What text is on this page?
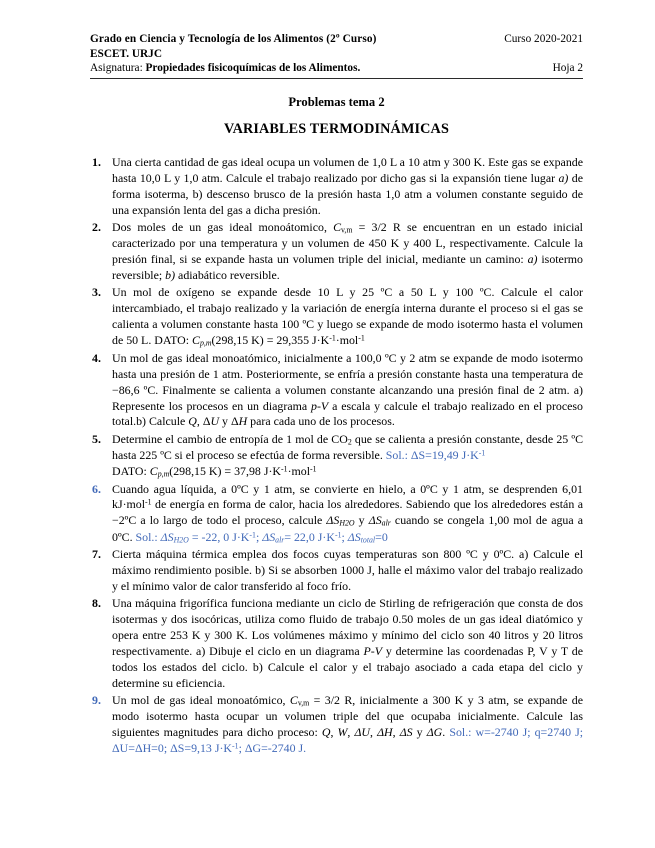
Grado en Ciencia y Tecnología de los Alimentos (2º Curso)	Curso 2020-2021
ESCET. URJC
Asignatura: Propiedades fisicoquímicas de los Alimentos.	Hoja 2
Problemas tema 2
VARIABLES TERMODINÁMICAS
1. Una cierta cantidad de gas ideal ocupa un volumen de 1,0 L a 10 atm y 300 K. Este gas se expande hasta 10,0 L y 1,0 atm. Calcule el trabajo realizado por dicho gas si la expansión tiene lugar a) de forma isoterma, b) descenso brusco de la presión hasta 1,0 atm a volumen constante seguido de una expansión lenta del gas a dicha presión.
2. Dos moles de un gas ideal monoátomico, $C_{v,m} = 3/2$ R se encuentran en un estado inicial caracterizado por una temperatura y un volumen de 450 K y 400 L, respectivamente. Calcule la presión final, si se expande hasta un volumen triple del inicial, mediante un camino: a) isotermo reversible; b) adiabático reversible.
3. Un mol de oxígeno se expande desde 10 L y 25 ºC a 50 L y 100 ºC. Calcule el calor intercambiado, el trabajo realizado y la variación de energía interna durante el proceso si el gas se calienta a volumen constante hasta 100 ºC y luego se expande de modo isotermo hasta el volumen de 50 L. DATO: $C_{p,m}(298,15$ K) = 29,355 $J\cdot K^{-1}\cdot mol^{-1}$
4. Un mol de gas ideal monoatómico, inicialmente a 100,0 ºC y 2 atm se expande de modo isotermo hasta una presión de 1 atm. Posteriormente, se enfría a presión constante hasta una temperatura de −86,6 ºC. Finalmente se calienta a volumen constante alcanzando una presión final de 2 atm. a) Represente los procesos en un diagrama p-V a escala y calcule el trabajo realizado en el proceso total.b) Calcule Q, ΔU y ΔH para cada uno de los procesos.
5. Determine el cambio de entropía de 1 mol de $CO_2$ que se calienta a presión constante, desde 25 ºC hasta 225 ºC si el proceso se efectúa de forma reversible. Sol.: ΔS=19,49 $J\cdot K^{-1}$
DATO: $C_{p,m}(298,15$ K) = 37,98 $J\cdot K^{-1}\cdot mol^{-1}$
6. Cuando agua líquida, a 0ºC y 1 atm, se convierte en hielo, a 0ºC y 1 atm, se desprenden 6,01 kJ·mol$^{-1}$ de energía en forma de calor, hacia los alrededores. Sabiendo que los alrededores están a −2ºC a lo largo de todo el proceso, calcule $\Delta S_{H2O}$ y $\Delta S_{alr}$ cuando se congela 1,00 mol de agua a 0ºC. Sol.: $\Delta S_{H2O} = -22$, 0 $J\cdot K^{-1}$; $\Delta S_{alr}= 22,0$ $J\cdot K^{-1}$; $\Delta S_{total}=0$
7. Cierta máquina térmica emplea dos focos cuyas temperaturas son 800 ºC y 0ºC. a) Calcule el máximo rendimiento posible. b) Si se absorben 1000 J, halle el máximo valor del trabajo realizado y el mínimo valor de calor transferido al foco frío.
8. Una máquina frigorífica funciona mediante un ciclo de Stirling de refrigeración que consta de dos isotermas y dos isocóricas, utiliza como fluido de trabajo 0.50 moles de un gas ideal diatómico y opera entre 253 K y 300 K. Los volúmenes máximo y mínimo del ciclo son 40 litros y 20 litros respectivamente. a) Dibuje el ciclo en un diagrama P-V y determine las coordenadas P, V y T de todos los estados del ciclo. b) Calcule el calor y el trabajo asociado a cada etapa del ciclo y determine su eficiencia.
9. Un mol de gas ideal monoatómico, $C_{v,m} = 3/2$ R, inicialmente a 300 K y 3 atm, se expande de modo isotermo hasta ocupar un volumen triple del que ocupaba inicialmente. Calcule las siguientes magnitudes para dicho proceso: Q, W, ΔU, ΔH, ΔS y ΔG. Sol.: w=-2740 J; q=2740 J; ΔU=ΔH=0; ΔS=9,13 $J\cdot K^{-1}$; ΔG=-2740 J.
